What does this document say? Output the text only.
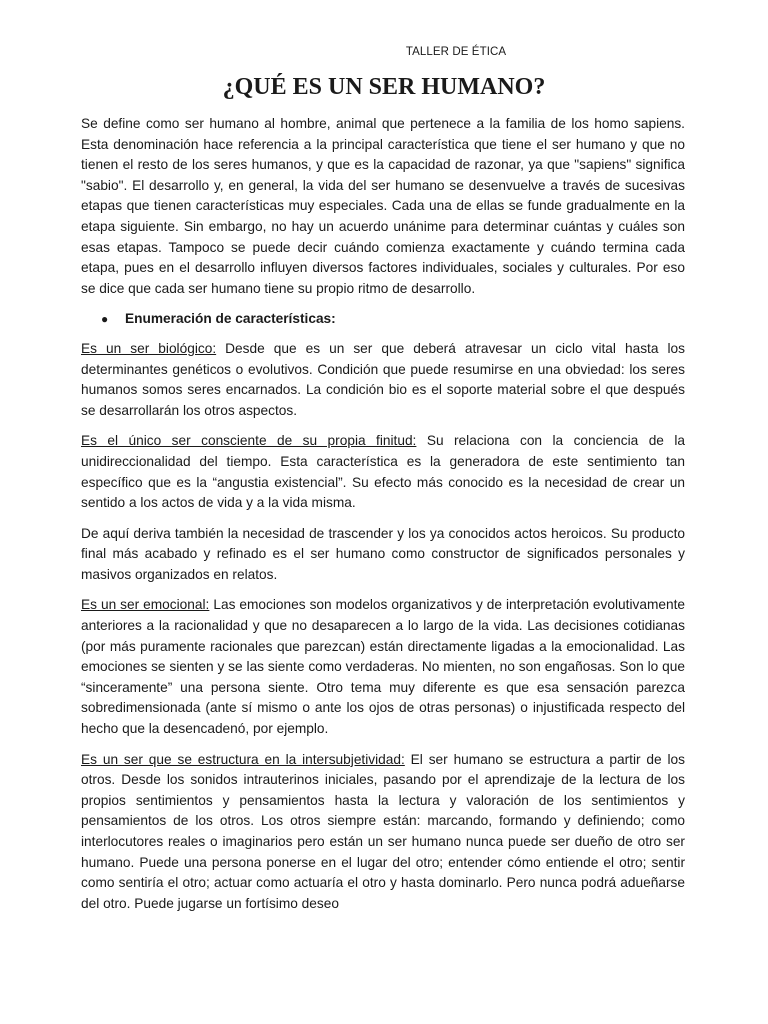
TALLER DE ÉTICA
¿QUÉ ES UN SER HUMANO?

Se define como ser humano al hombre, animal que pertenece a la familia de los homo sapiens. Esta denominación hace referencia a la principal característica que tiene el ser humano y que no tienen el resto de los seres humanos, y que es la capacidad de razonar, ya que "sapiens" significa "sabio". El desarrollo y, en general, la vida del ser humano se desenvuelve a través de sucesivas etapas que tienen características muy especiales. Cada una de ellas se funde gradualmente en la etapa siguiente. Sin embargo, no hay un acuerdo unánime para determinar cuántas y cuáles son esas etapas. Tampoco se puede decir cuándo comienza exactamente y cuándo termina cada etapa, pues en el desarrollo influyen diversos factores individuales, sociales y culturales. Por eso se dice que cada ser humano tiene su propio ritmo de desarrollo.

●	Enumeración de características:

Es un ser biológico: Desde que es un ser que deberá atravesar un ciclo vital hasta los determinantes genéticos o evolutivos. Condición que puede resumirse en una obviedad: los seres humanos somos seres encarnados. La condición bio es el soporte material sobre el que después se desarrollarán los otros aspectos.

Es el único ser consciente de su propia finitud: Su relaciona con la conciencia de la unidireccionalidad del tiempo. Esta característica es la generadora de este sentimiento tan específico que es la “angustia existencial”. Su efecto más conocido es la necesidad de crear un sentido a los actos de vida y a la vida misma.

De aquí deriva también la necesidad de trascender y los ya conocidos actos heroicos. Su producto final más acabado y refinado es el ser humano como constructor de significados personales y masivos organizados en relatos.

Es un ser emocional: Las emociones son modelos organizativos y de interpretación evolutivamente anteriores a la racionalidad y que no desaparecen a lo largo de la vida. Las decisiones cotidianas (por más puramente racionales que parezcan) están directamente ligadas a la emocionalidad. Las emociones se sienten y se las siente como verdaderas. No mienten, no son engañosas. Son lo que “sinceramente” una persona siente. Otro tema muy diferente es que esa sensación parezca sobredimensionada (ante sí mismo o ante los ojos de otras personas) o injustificada respecto del hecho que la desencadenó, por ejemplo.

Es un ser que se estructura en la intersubjetividad: El ser humano se estructura a partir de los otros. Desde los sonidos intrauterinos iniciales, pasando por el aprendizaje de la lectura de los propios sentimientos y pensamientos hasta la lectura y valoración de los sentimientos y pensamientos de los otros. Los otros siempre están: marcando, formando y definiendo; como interlocutores reales o imaginarios pero están un ser humano nunca puede ser dueño de otro ser humano. Puede una persona ponerse en el lugar del otro; entender cómo entiende el otro; sentir como sentiría el otro; actuar como actuaría el otro y hasta dominarlo. Pero nunca podrá adueñarse del otro. Puede jugarse un fortísimo deseo
